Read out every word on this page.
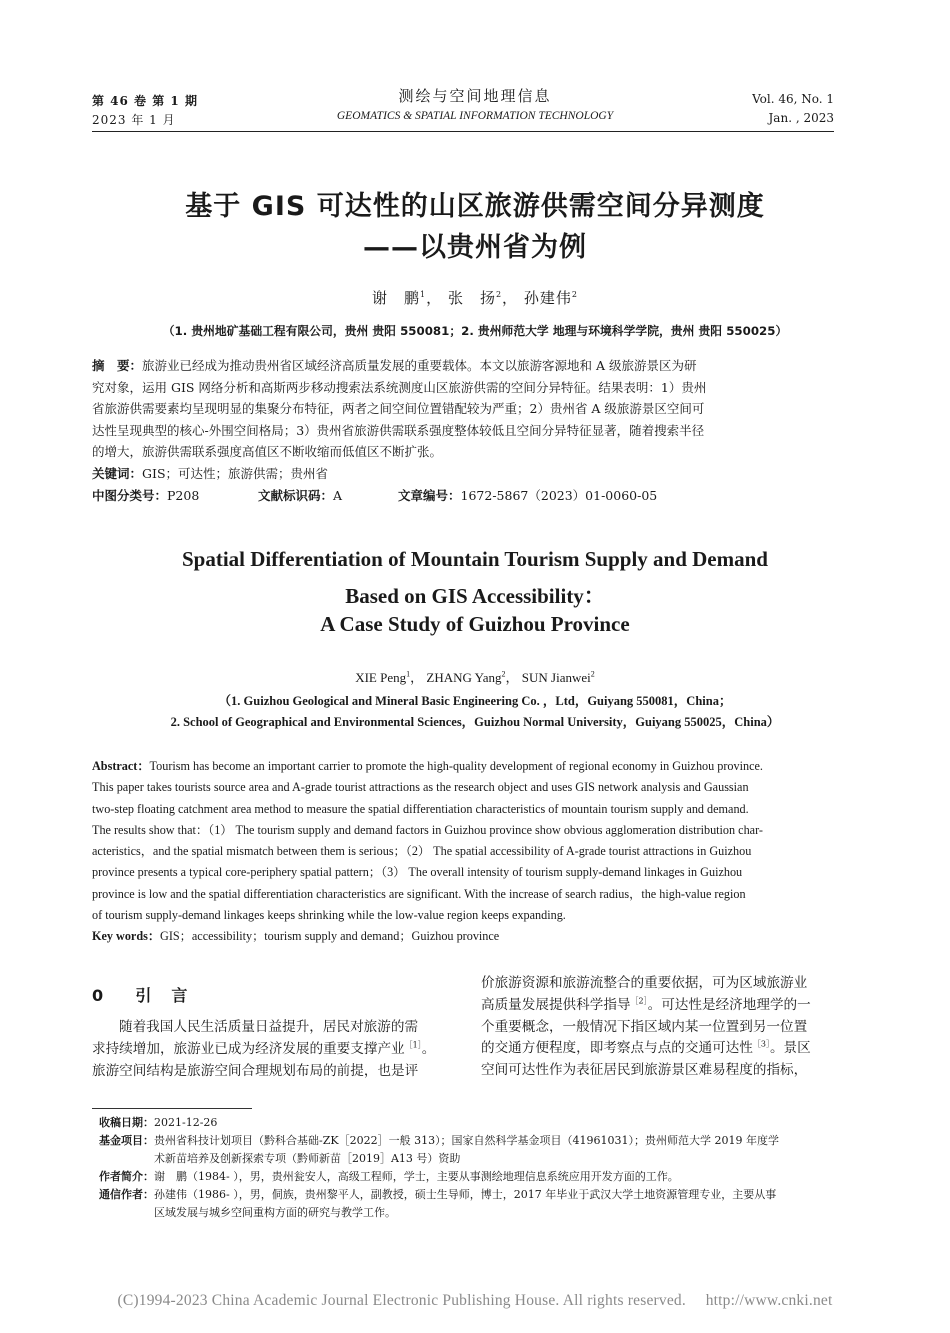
第 46 卷 第 1 期
2023 年 1 月
测绘与空间地理信息
GEOMATICS & SPATIAL INFORMATION TECHNOLOGY
Vol. 46, No. 1
Jan. , 2023
基于 GIS 可达性的山区旅游供需空间分异测度
——以贵州省为例
谢　鹏$^1$， 张　扬$^2$， 孙建伟$^2$
（1. 贵州地矿基础工程有限公司，贵州 贵阳 550081；2. 贵州师范大学 地理与环境科学学院，贵州 贵阳 550025）
摘　要：旅游业已经成为推动贵州省区域经济高质量发展的重要载体。本文以旅游客源地和 A 级旅游景区为研
究对象，运用 GIS 网络分析和高斯两步移动搜索法系统测度山区旅游供需的空间分异特征。结果表明：1）贵州
省旅游供需要素均呈现明显的集聚分布特征，两者之间空间位置错配较为严重；2）贵州省 A 级旅游景区空间可
达性呈现典型的核心-外围空间格局；3）贵州省旅游供需联系强度整体较低且空间分异特征显著，随着搜索半径
的增大，旅游供需联系强度高值区不断收缩而低值区不断扩张。
关键词：GIS；可达性；旅游供需；贵州省
中图分类号：P208	文献标识码：A	文章编号：1672-5867（2023）01-0060-05
Spatial Differentiation of Mountain Tourism Supply and Demand
Based on GIS Accessibility：
A Case Study of Guizhou Province
XIE Peng$^1$， ZHANG Yang$^2$， SUN Jianwei$^2$
（1. Guizhou Geological and Mineral Basic Engineering Co. ，Ltd，Guiyang 550081，China；
2. School of Geographical and Environmental Sciences，Guizhou Normal University，Guiyang 550025，China）
Abstract：Tourism has become an important carrier to promote the high-quality development of regional economy in Guizhou province.
This paper takes tourists source area and A-grade tourist attractions as the research object and uses GIS network analysis and Gaussian
two-step floating catchment area method to measure the spatial differentiation characteristics of mountain tourism supply and demand.
The results show that：（1） The tourism supply and demand factors in Guizhou province show obvious agglomeration distribution char-
acteristics，and the spatial mismatch between them is serious；（2） The spatial accessibility of A-grade tourist attractions in Guizhou
province presents a typical core-periphery spatial pattern；（3） The overall intensity of tourism supply-demand linkages in Guizhou
province is low and the spatial differentiation characteristics are significant. With the increase of search radius，the high-value region
of tourism supply-demand linkages keeps shrinking while the low-value region keeps expanding.
Key words：GIS；accessibility；tourism supply and demand；Guizhou province
0 引　言
随着我国人民生活质量日益提升，居民对旅游的需
求持续增加，旅游业已成为经济发展的重要支撑产业$^{[1]}$。
旅游空间结构是旅游空间合理规划布局的前提，也是评
价旅游资源和旅游流整合的重要依据，可为区域旅游业
高质量发展提供科学指导$^{[2]}$。可达性是经济地理学的一
个重要概念，一般情况下指区域内某一位置到另一位置
的交通方便程度，即考察点与点的交通可达性$^{[3]}$。景区
空间可达性作为表征居民到旅游景区难易程度的指标，
收稿日期： 2021-12-26
基金项目： 贵州省科技计划项目（黔科合基础-ZK［2022］一般 313）；国家自然科学基金项目（41961031）；贵州师范大学 2019 年度学
术新苗培养及创新探索专项（黔师新苗［2019］A13 号）资助
作者简介： 谢　鹏（1984- ），男，贵州瓮安人，高级工程师，学士，主要从事测绘地理信息系统应用开发方面的工作。
通信作者： 孙建伟（1986- ），男，侗族，贵州黎平人，副教授，硕士生导师，博士，2017 年毕业于武汉大学土地资源管理专业，主要从事
区域发展与城乡空间重构方面的研究与教学工作。
(C)1994-2023 China Academic Journal Electronic Publishing House. All rights reserved.　 http://www.cnki.net
